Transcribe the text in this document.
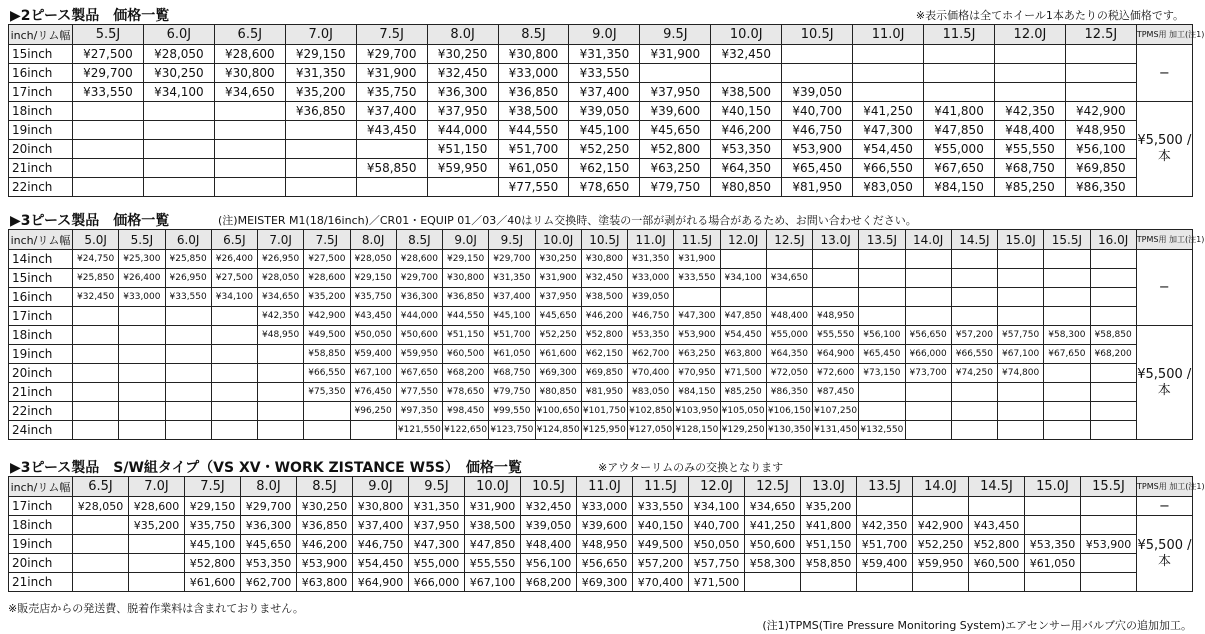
▶2ピース製品　価格一覧	※表示価格は全てホイール1本あたりの税込価格です。
inch/リム幅	5.5J	6.0J	6.5J	7.0J	7.5J	8.0J	8.5J	9.0J	9.5J	10.0J	10.5J	11.0J	11.5J	12.0J	12.5J	TPMS用 加工(注1)
15inch	¥27,500	¥28,050	¥28,600	¥29,150	¥29,700	¥30,250	¥30,800	¥31,350	¥31,900	¥32,450						−
16inch	¥29,700	¥30,250	¥30,800	¥31,350	¥31,900	¥32,450	¥33,000	¥33,550								
17inch	¥33,550	¥34,100	¥34,650	¥35,200	¥35,750	¥36,300	¥36,850	¥37,400	¥37,950	¥38,500	¥39,050					
18inch				¥36,850	¥37,400	¥37,950	¥38,500	¥39,050	¥39,600	¥40,150	¥40,700	¥41,250	¥41,800	¥42,350	¥42,900	¥5,500 /本
19inch					¥43,450	¥44,000	¥44,550	¥45,100	¥45,650	¥46,200	¥46,750	¥47,300	¥47,850	¥48,400	¥48,950	
20inch						¥51,150	¥51,700	¥52,250	¥52,800	¥53,350	¥53,900	¥54,450	¥55,000	¥55,550	¥56,100	
21inch					¥58,850	¥59,950	¥61,050	¥62,150	¥63,250	¥64,350	¥65,450	¥66,550	¥67,650	¥68,750	¥69,850	
22inch							¥77,550	¥78,650	¥79,750	¥80,850	¥81,950	¥83,050	¥84,150	¥85,250	¥86,350	
▶3ピース製品　価格一覧	(注)MEISTER M1(18/16inch)／CR01・EQUIP 01／03／40はリム交換時、塗装の一部が剥がれる場合があるため、お問い合わせください。
inch/リム幅	5.0J	5.5J	6.0J	6.5J	7.0J	7.5J	8.0J	8.5J	9.0J	9.5J	10.0J	10.5J	11.0J	11.5J	12.0J	12.5J	13.0J	13.5J	14.0J	14.5J	15.0J	15.5J	16.0J	TPMS用 加工(注1)
14inch	¥24,750	¥25,300	¥25,850	¥26,400	¥26,950	¥27,500	¥28,050	¥28,600	¥29,150	¥29,700	¥30,250	¥30,800	¥31,350	¥31,900										−
15inch	¥25,850	¥26,400	¥26,950	¥27,500	¥28,050	¥28,600	¥29,150	¥29,700	¥30,800	¥31,350	¥31,900	¥32,450	¥33,000	¥33,550	¥34,100	¥34,650								
16inch	¥32,450	¥33,000	¥33,550	¥34,100	¥34,650	¥35,200	¥35,750	¥36,300	¥36,850	¥37,400	¥37,950	¥38,500	¥39,050											
17inch					¥42,350	¥42,900	¥43,450	¥44,000	¥44,550	¥45,100	¥45,650	¥46,200	¥46,750	¥47,300	¥47,850	¥48,400	¥48,950							
18inch					¥48,950	¥49,500	¥50,050	¥50,600	¥51,150	¥51,700	¥52,250	¥52,800	¥53,350	¥53,900	¥54,450	¥55,000	¥55,550	¥56,100	¥56,650	¥57,200	¥57,750	¥58,300	¥58,850	¥5,500 /本
19inch						¥58,850	¥59,400	¥59,950	¥60,500	¥61,050	¥61,600	¥62,150	¥62,700	¥63,250	¥63,800	¥64,350	¥64,900	¥65,450	¥66,000	¥66,550	¥67,100	¥67,650	¥68,200	
20inch						¥66,550	¥67,100	¥67,650	¥68,200	¥68,750	¥69,300	¥69,850	¥70,400	¥70,950	¥71,500	¥72,050	¥72,600	¥73,150	¥73,700	¥74,250	¥74,800			
21inch						¥75,350	¥76,450	¥77,550	¥78,650	¥79,750	¥80,850	¥81,950	¥83,050	¥84,150	¥85,250	¥86,350	¥87,450							
22inch							¥96,250	¥97,350	¥98,450	¥99,550	¥100,650	¥101,750	¥102,850	¥103,950	¥105,050	¥106,150	¥107,250							
24inch								¥121,550	¥122,650	¥123,750	¥124,850	¥125,950	¥127,050	¥128,150	¥129,250	¥130,350	¥131,450	¥132,550						
▶3ピース製品　S/W組タイプ（VS XV・WORK ZISTANCE W5S）　価格一覧	※アウターリムのみの交換となります
inch/リム幅	6.5J	7.0J	7.5J	8.0J	8.5J	9.0J	9.5J	10.0J	10.5J	11.0J	11.5J	12.0J	12.5J	13.0J	13.5J	14.0J	14.5J	15.0J	15.5J	TPMS用 加工(注1)
17inch	¥28,050	¥28,600	¥29,150	¥29,700	¥30,250	¥30,800	¥31,350	¥31,900	¥32,450	¥33,000	¥33,550	¥34,100	¥34,650	¥35,200						−
18inch		¥35,200	¥35,750	¥36,300	¥36,850	¥37,400	¥37,950	¥38,500	¥39,050	¥39,600	¥40,150	¥40,700	¥41,250	¥41,800	¥42,350	¥42,900	¥43,450			¥5,500 /本
19inch			¥45,100	¥45,650	¥46,200	¥46,750	¥47,300	¥47,850	¥48,400	¥48,950	¥49,500	¥50,050	¥50,600	¥51,150	¥51,700	¥52,250	¥52,800	¥53,350	¥53,900	
20inch			¥52,800	¥53,350	¥53,900	¥54,450	¥55,000	¥55,550	¥56,100	¥56,650	¥57,200	¥57,750	¥58,300	¥58,850	¥59,400	¥59,950	¥60,500	¥61,050		
21inch			¥61,600	¥62,700	¥63,800	¥64,900	¥66,000	¥67,100	¥68,200	¥69,300	¥70,400	¥71,500								
※販売店からの発送費、脱着作業料は含まれておりません。
(注1)TPMS(Tire Pressure Monitoring System)エアセンサー用バルブ穴の追加加工。
